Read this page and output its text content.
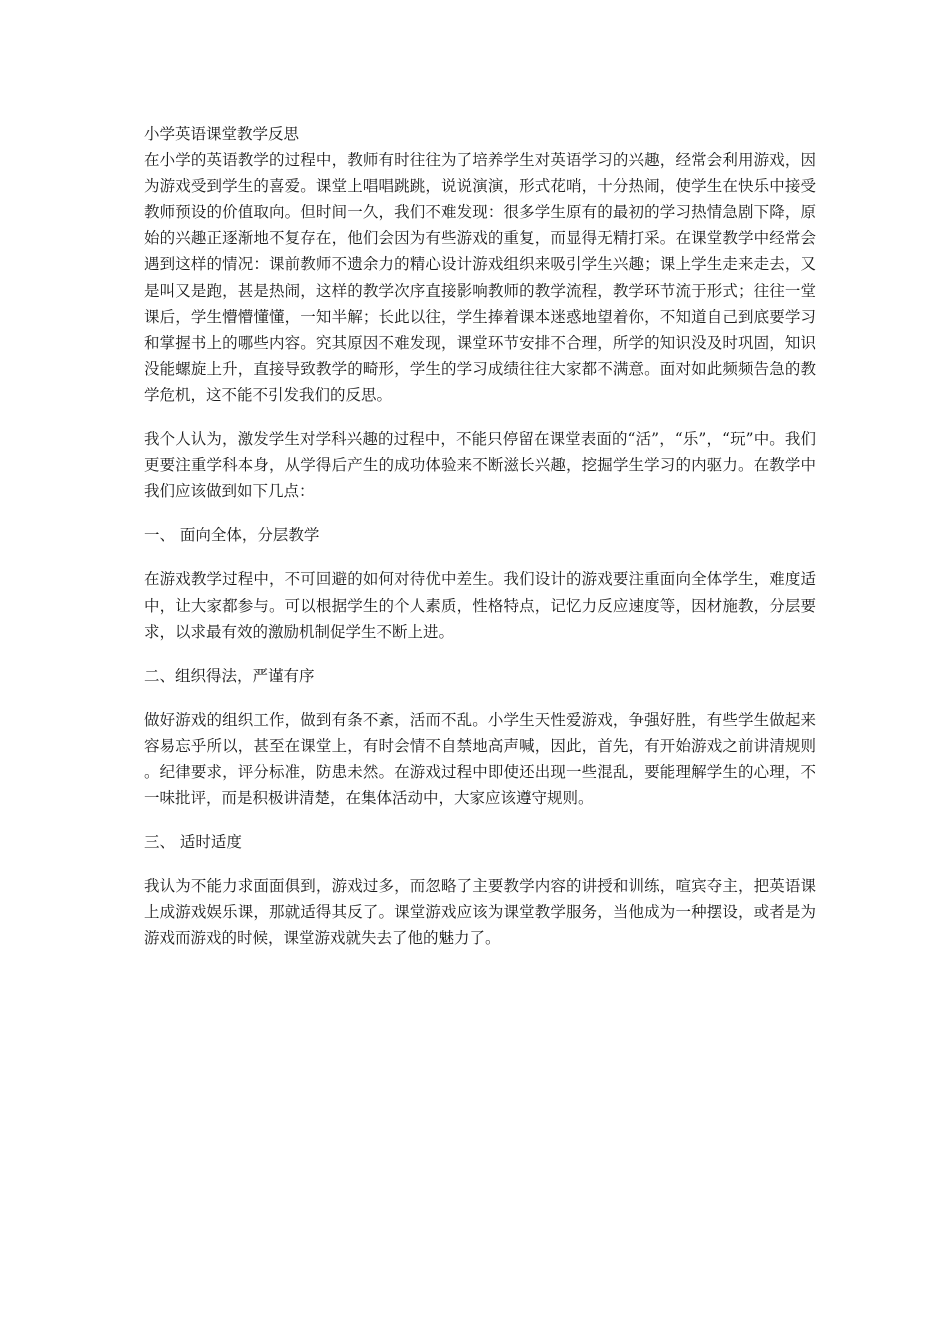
小学英语课堂教学反思

在小学的英语教学的过程中，教师有时往往为了培养学生对英语学习的兴趣，经常会利用游戏，因为游戏受到学生的喜爱。课堂上唱唱跳跳，说说演演，形式花哨，十分热闹，使学生在快乐中接受教师预设的价值取向。但时间一久，我们不难发现：很多学生原有的最初的学习热情急剧下降，原始的兴趣正逐渐地不复存在，他们会因为有些游戏的重复，而显得无精打采。在课堂教学中经常会遇到这样的情况：课前教师不遗余力的精心设计游戏组织来吸引学生兴趣；课上学生走来走去，又是叫又是跑，甚是热闹，这样的教学次序直接影响教师的教学流程，教学环节流于形式；往往一堂课后，学生懵懵懂懂，一知半解；长此以往，学生捧着课本迷惑地望着你，不知道自己到底要学习和掌握书上的哪些内容。究其原因不难发现，课堂环节安排不合理，所学的知识没及时巩固，知识没能螺旋上升，直接导致教学的畸形，学生的学习成绩往往大家都不满意。面对如此频频告急的教学危机，这不能不引发我们的反思。

我个人认为，激发学生对学科兴趣的过程中，不能只停留在课堂表面的“活”，“乐”，“玩”中。我们更要注重学科本身，从学得后产生的成功体验来不断滋长兴趣，挖掘学生学习的内驱力。在教学中我们应该做到如下几点：

一、 面向全体，分层教学

在游戏教学过程中，不可回避的如何对待优中差生。我们设计的游戏要注重面向全体学生，难度适中，让大家都参与。可以根据学生的个人素质，性格特点，记忆力反应速度等，因材施教，分层要求，以求最有效的激励机制促学生不断上进。

二、组织得法，严谨有序

做好游戏的组织工作，做到有条不紊，活而不乱。小学生天性爱游戏，争强好胜，有些学生做起来容易忘乎所以，甚至在课堂上，有时会情不自禁地高声喊，因此，首先，有开始游戏之前讲清规则。纪律要求，评分标准，防患未然。在游戏过程中即使还出现一些混乱，要能理解学生的心理，不一味批评，而是积极讲清楚，在集体活动中，大家应该遵守规则。

三、 适时适度

我认为不能力求面面俱到，游戏过多，而忽略了主要教学内容的讲授和训练，喧宾夺主，把英语课上成游戏娱乐课，那就适得其反了。课堂游戏应该为课堂教学服务，当他成为一种摆设，或者是为游戏而游戏的时候，课堂游戏就失去了他的魅力了。
